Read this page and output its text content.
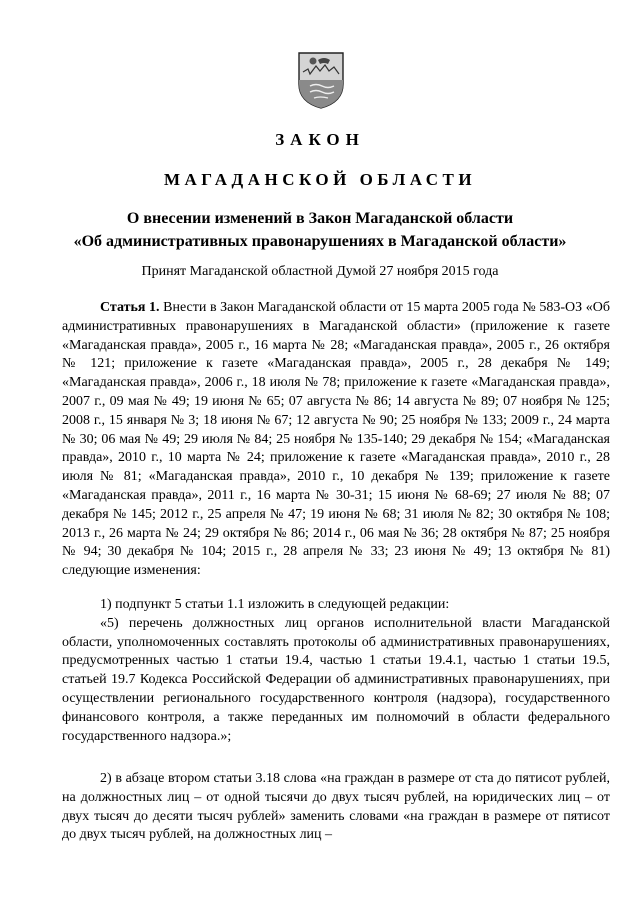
ЗАКОН
МАГАДАНСКОЙ ОБЛАСТИ
О внесении изменений в Закон Магаданской области
«Об административных правонарушениях в Магаданской области»
Принят Магаданской областной Думой 27 ноября 2015 года

Статья 1. Внести в Закон Магаданской области от 15 марта 2005 года № 583-ОЗ «Об административных правонарушениях в Магаданской области» (приложение к газете «Магаданская правда», 2005 г., 16 марта № 28; «Магаданская правда», 2005 г., 26 октября № 121; приложение к газете «Магаданская правда», 2005 г., 28 декабря № 149; «Магаданская правда», 2006 г., 18 июля № 78; приложение к газете «Магаданская правда», 2007 г., 09 мая № 49; 19 июня № 65; 07 августа № 86; 14 августа № 89; 07 ноября № 125; 2008 г., 15 января № 3; 18 июня № 67; 12 августа № 90; 25 ноября № 133; 2009 г., 24 марта № 30; 06 мая № 49; 29 июля № 84; 25 ноября № 135-140; 29 декабря № 154; «Магаданская правда», 2010 г., 10 марта № 24; приложение к газете «Магаданская правда», 2010 г., 28 июля № 81; «Магаданская правда», 2010 г., 10 декабря № 139; приложение к газете «Магаданская правда», 2011 г., 16 марта № 30-31; 15 июня № 68-69; 27 июля № 88; 07 декабря № 145; 2012 г., 25 апреля № 47; 19 июня № 68; 31 июля № 82; 30 октября № 108; 2013 г., 26 марта № 24; 29 октября № 86; 2014 г., 06 мая № 36; 28 октября № 87; 25 ноября № 94; 30 декабря № 104; 2015 г., 28 апреля № 33; 23 июня № 49; 13 октября № 81) следующие изменения:

1) подпункт 5 статьи 1.1 изложить в следующей редакции:

«5) перечень должностных лиц органов исполнительной власти Магаданской области, уполномоченных составлять протоколы об административных правонарушениях, предусмотренных частью 1 статьи 19.4, частью 1 статьи 19.4.1, частью 1 статьи 19.5, статьей 19.7 Кодекса Российской Федерации об административных правонарушениях, при осуществлении регионального государственного контроля (надзора), государственного финансового контроля, а также переданных им полномочий в области федерального государственного надзора.»;

2) в абзаце втором статьи 3.18 слова «на граждан в размере от ста до пятисот рублей, на должностных лиц – от одной тысячи до двух тысяч рублей, на юридических лиц – от двух тысяч до десяти тысяч рублей» заменить словами «на граждан в размере от пятисот до двух тысяч рублей, на должностных лиц –
